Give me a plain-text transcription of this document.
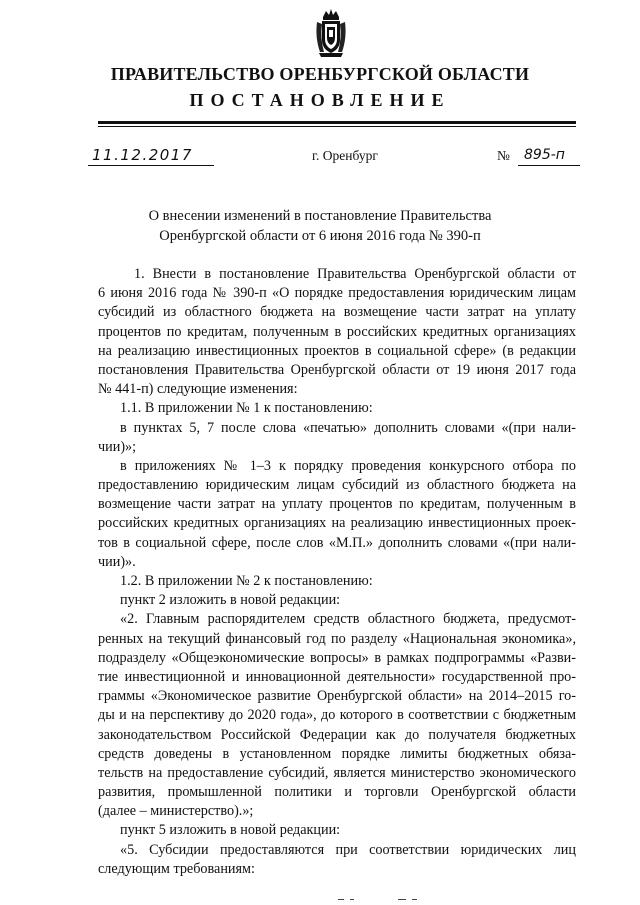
ПРАВИТЕЛЬСТВО ОРЕНБУРГСКОЙ ОБЛАСТИ
ПОСТАНОВЛЕНИЕ
11.12.2017	г. Оренбург	№	895-п
О внесении изменений в постановление Правительства
Оренбургской области от 6 июня 2016 года № 390-п
1. Внести в постановление Правительства Оренбургской области от
6 июня 2016 года № 390-п «О порядке предоставления юридическим лицам
субсидий из областного бюджета на возмещение части затрат на уплату
процентов по кредитам, полученным в российских кредитных организациях
на реализацию инвестиционных проектов в социальной сфере» (в редакции
постановления Правительства Оренбургской области от 19 июня 2017 года
№ 441-п) следующие изменения:
1.1. В приложении № 1 к постановлению:
в пунктах 5, 7 после слова «печатью» дополнить словами «(при нали-
чии)»;
в приложениях № 1–3 к порядку проведения конкурсного отбора по
предоставлению юридическим лицам субсидий из областного бюджета на
возмещение части затрат на уплату процентов по кредитам, полученным в
российских кредитных организациях на реализацию инвестиционных проек-
тов в социальной сфере, после слов «М.П.» дополнить словами «(при нали-
чии)».
1.2. В приложении № 2 к постановлению:
пункт 2 изложить в новой редакции:
«2. Главным распорядителем средств областного бюджета, предусмот-
ренных на текущий финансовый год по разделу «Национальная экономика»,
подразделу «Общеэкономические вопросы» в рамках подпрограммы «Разви-
тие инвестиционной и инновационной деятельности» государственной про-
граммы «Экономическое развитие Оренбургской области» на 2014–2015 го-
ды и на перспективу до 2020 года», до которого в соответствии с бюджетным
законодательством Российской Федерации как до получателя бюджетных
средств доведены в установленном порядке лимиты бюджетных обяза-
тельств на предоставление субсидий, является министерство экономического
развития, промышленной политики и торговли Оренбургской области
(далее – министерство).»;
пункт 5 изложить в новой редакции:
«5. Субсидии предоставляются при соответствии юридических лиц
следующим требованиям:
